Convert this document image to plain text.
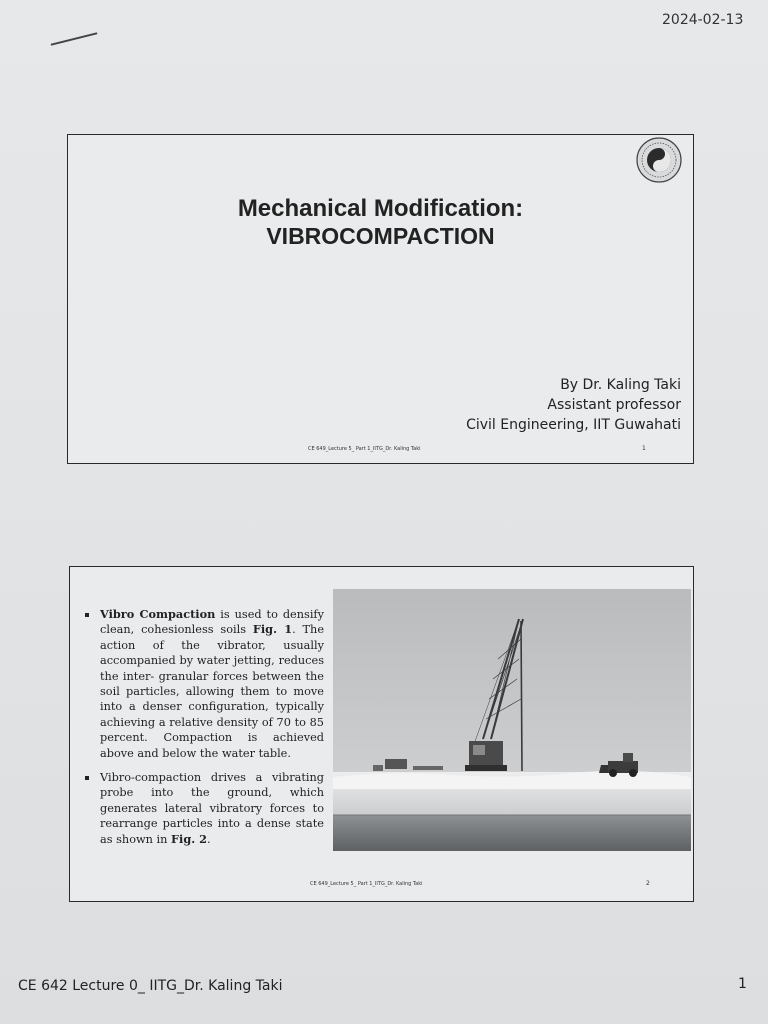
2024-02-13
Mechanical Modification:
VIBROCOMPACTION
By Dr. Kaling Taki
Assistant professor
Civil Engineering, IIT Guwahati
CE 649_Lecture 5_ Part 1_IITG_Dr. Kaling Taki	1
Vibro Compaction is used to densify clean, cohesionless soils Fig. 1. The action of the vibrator, usually accompanied by water jetting, reduces the inter- granular forces between the soil particles, allowing them to move into a denser configuration, typically achieving a relative density of 70 to 85 percent. Compaction is achieved above and below the water table.
Vibro-compaction drives a vibrating probe into the ground, which generates lateral vibratory forces to rearrange particles into a dense state as shown in Fig. 2.
CE 649_Lecture 5_ Part 1_IITG_Dr. Kaling Taki	2
CE 642 Lecture 0_ IITG_Dr. Kaling Taki	1
